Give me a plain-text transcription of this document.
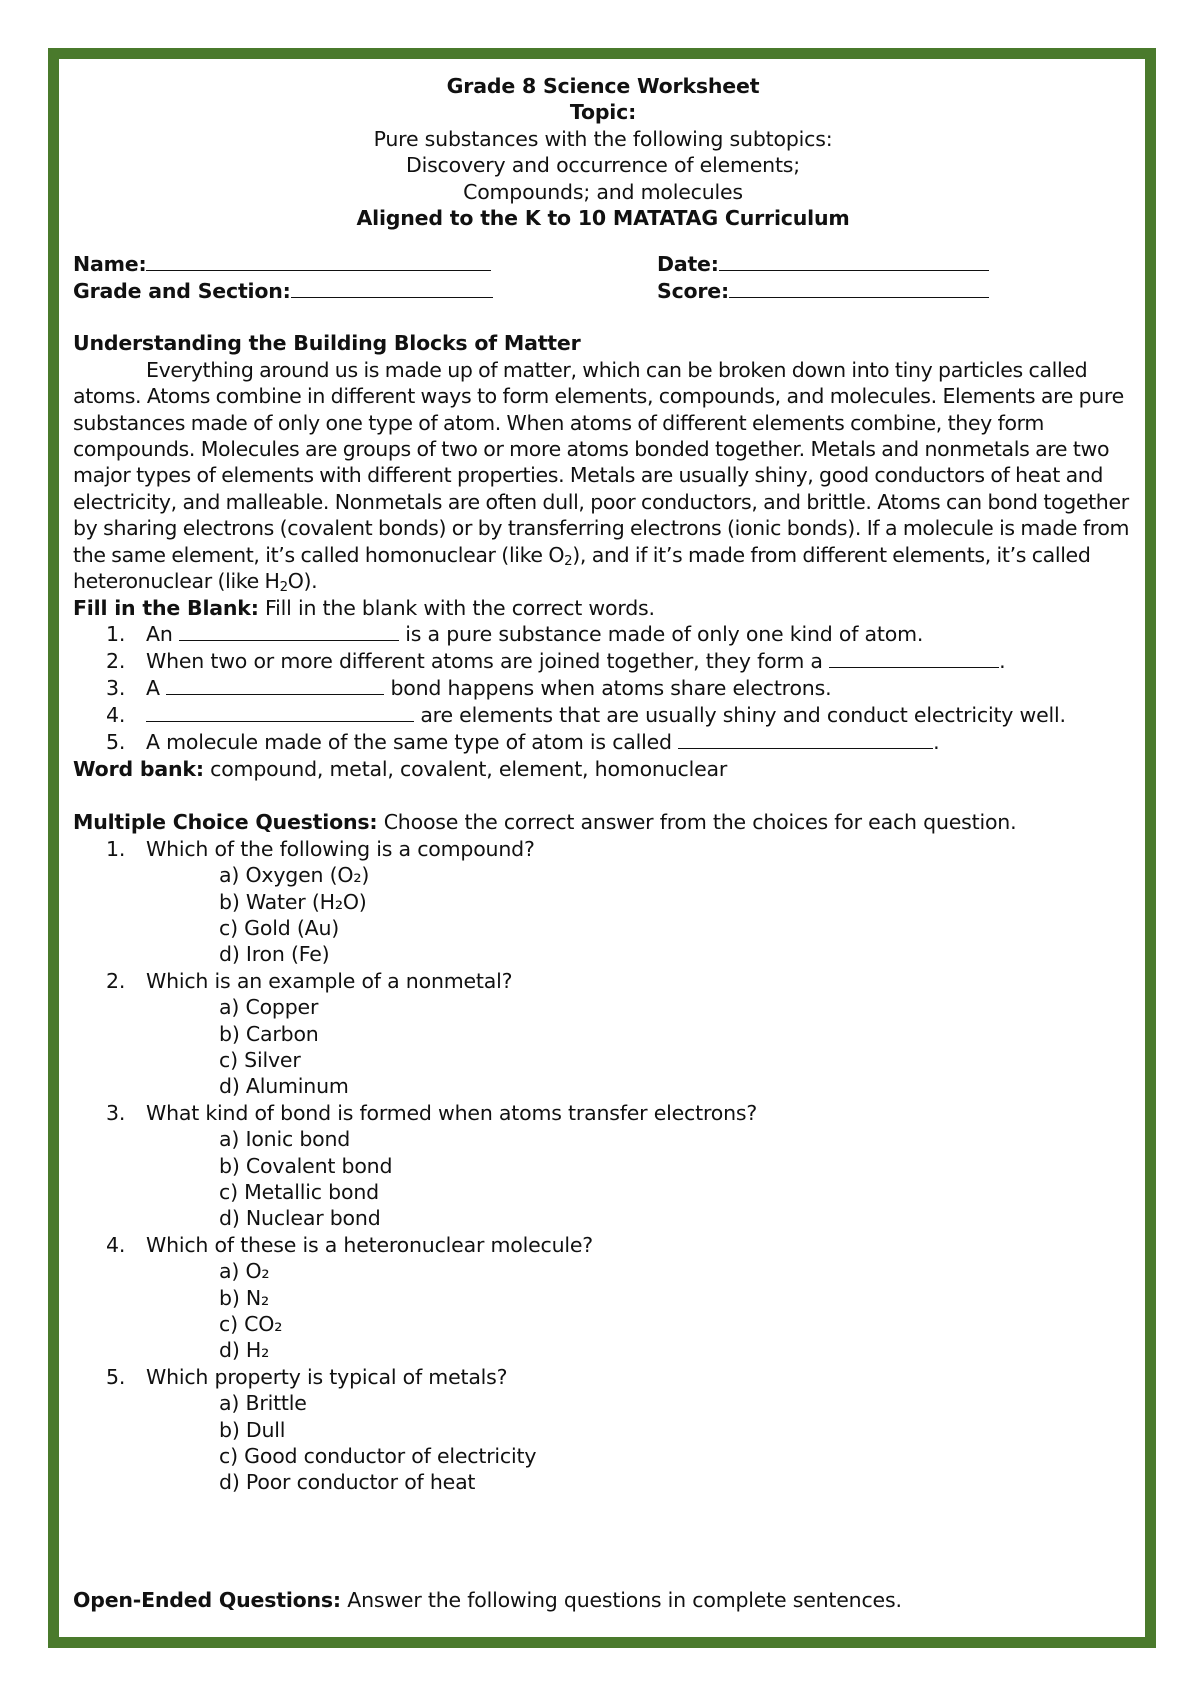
Grade 8 Science Worksheet
Topic:
Pure substances with the following subtopics:
Discovery and occurrence of elements;
Compounds; and molecules
Aligned to the K to 10 MATATAG Curriculum
Name:	Date:
Grade and Section:	Score:
Understanding the Building Blocks of Matter

Everything around us is made up of matter, which can be broken down into tiny particles called atoms. Atoms combine in different ways to form elements, compounds, and molecules. Elements are pure substances made of only one type of atom. When atoms of different elements combine, they form compounds. Molecules are groups of two or more atoms bonded together. Metals and nonmetals are two major types of elements with different properties. Metals are usually shiny, good conductors of heat and electricity, and malleable. Nonmetals are often dull, poor conductors, and brittle. Atoms can bond together by sharing electrons (covalent bonds) or by transferring electrons (ionic bonds). If a molecule is made from the same element, it’s called homonuclear (like $O_2$), and if it’s made from different elements, it’s called heteronuclear (like $H_2O$).

Fill in the Blank: Fill in the blank with the correct words.
1. An	is a pure substance made of only one kind of atom.
2. When two or more different atoms are joined together, they form a	.
3. A	bond happens when atoms share electrons.
4.	are elements that are usually shiny and conduct electricity well.
5. A molecule made of the same type of atom is called	.
Word bank: compound, metal, covalent, element, homonuclear
Multiple Choice Questions: Choose the correct answer from the choices for each question.
1. Which of the following is a compound?
a) Oxygen (O₂)
b) Water (H₂O)
c) Gold (Au)
d) Iron (Fe)
2. Which is an example of a nonmetal?
a) Copper
b) Carbon
c) Silver
d) Aluminum
3. What kind of bond is formed when atoms transfer electrons?
a) Ionic bond
b) Covalent bond
c) Metallic bond
d) Nuclear bond
4. Which of these is a heteronuclear molecule?
a) O₂
b) N₂
c) CO₂
d) H₂
5. Which property is typical of metals?
a) Brittle
b) Dull
c) Good conductor of electricity
d) Poor conductor of heat
Open-Ended Questions: Answer the following questions in complete sentences.
